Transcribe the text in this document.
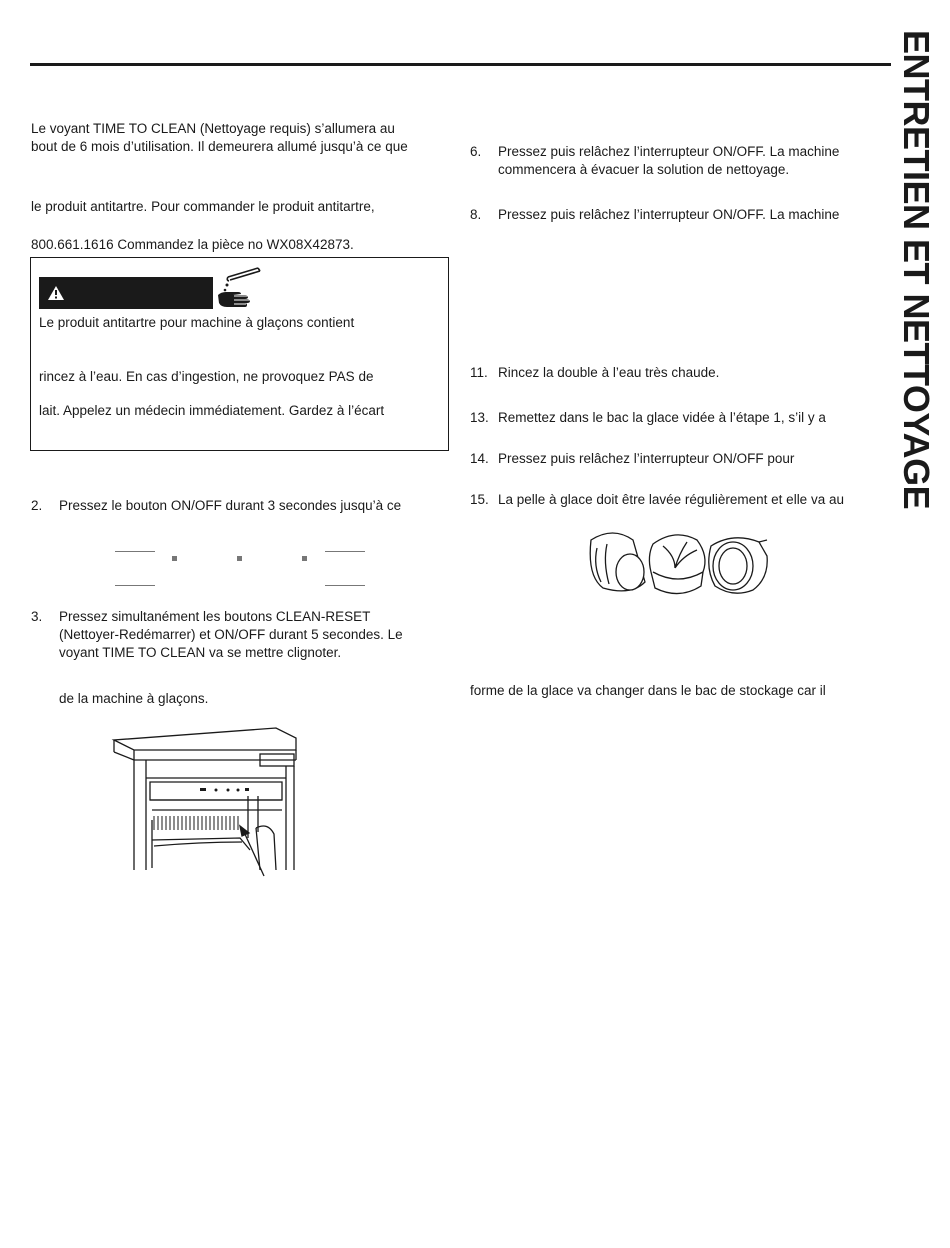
ENTRETIEN ET NETTOYAGE
Le voyant TIME TO CLEAN (Nettoyage requis) s’allumera au
bout de 6 mois d’utilisation. Il demeurera allumé jusqu’à ce que
le produit antitartre. Pour commander le produit antitartre,
800.661.1616 Commandez la pièce no WX08X42873.
Le produit antitartre pour machine à glaçons contient
rincez à l’eau. En cas d’ingestion, ne provoquez PAS de
lait. Appelez un médecin immédiatement. Gardez à l’écart
2.	Pressez le bouton ON/OFF durant 3 secondes jusqu’à ce
3.	Pressez simultanément les boutons CLEAN-RESET
(Nettoyer-Redémarrer) et ON/OFF durant 5 secondes. Le
voyant TIME TO CLEAN va se mettre clignoter.
de la machine à glaçons.
6.	Pressez puis relâchez l’interrupteur ON/OFF. La machine
commencera à évacuer la solution de nettoyage.
8.	Pressez puis relâchez l’interrupteur ON/OFF. La machine
11. Rincez la double à l’eau très chaude.
13. Remettez dans le bac la glace vidée à l’étape 1, s’il y a
14. Pressez puis relâchez l’interrupteur ON/OFF pour
15. La pelle à glace doit être lavée régulièrement et elle va au
forme de la glace va changer dans le bac de stockage car il
